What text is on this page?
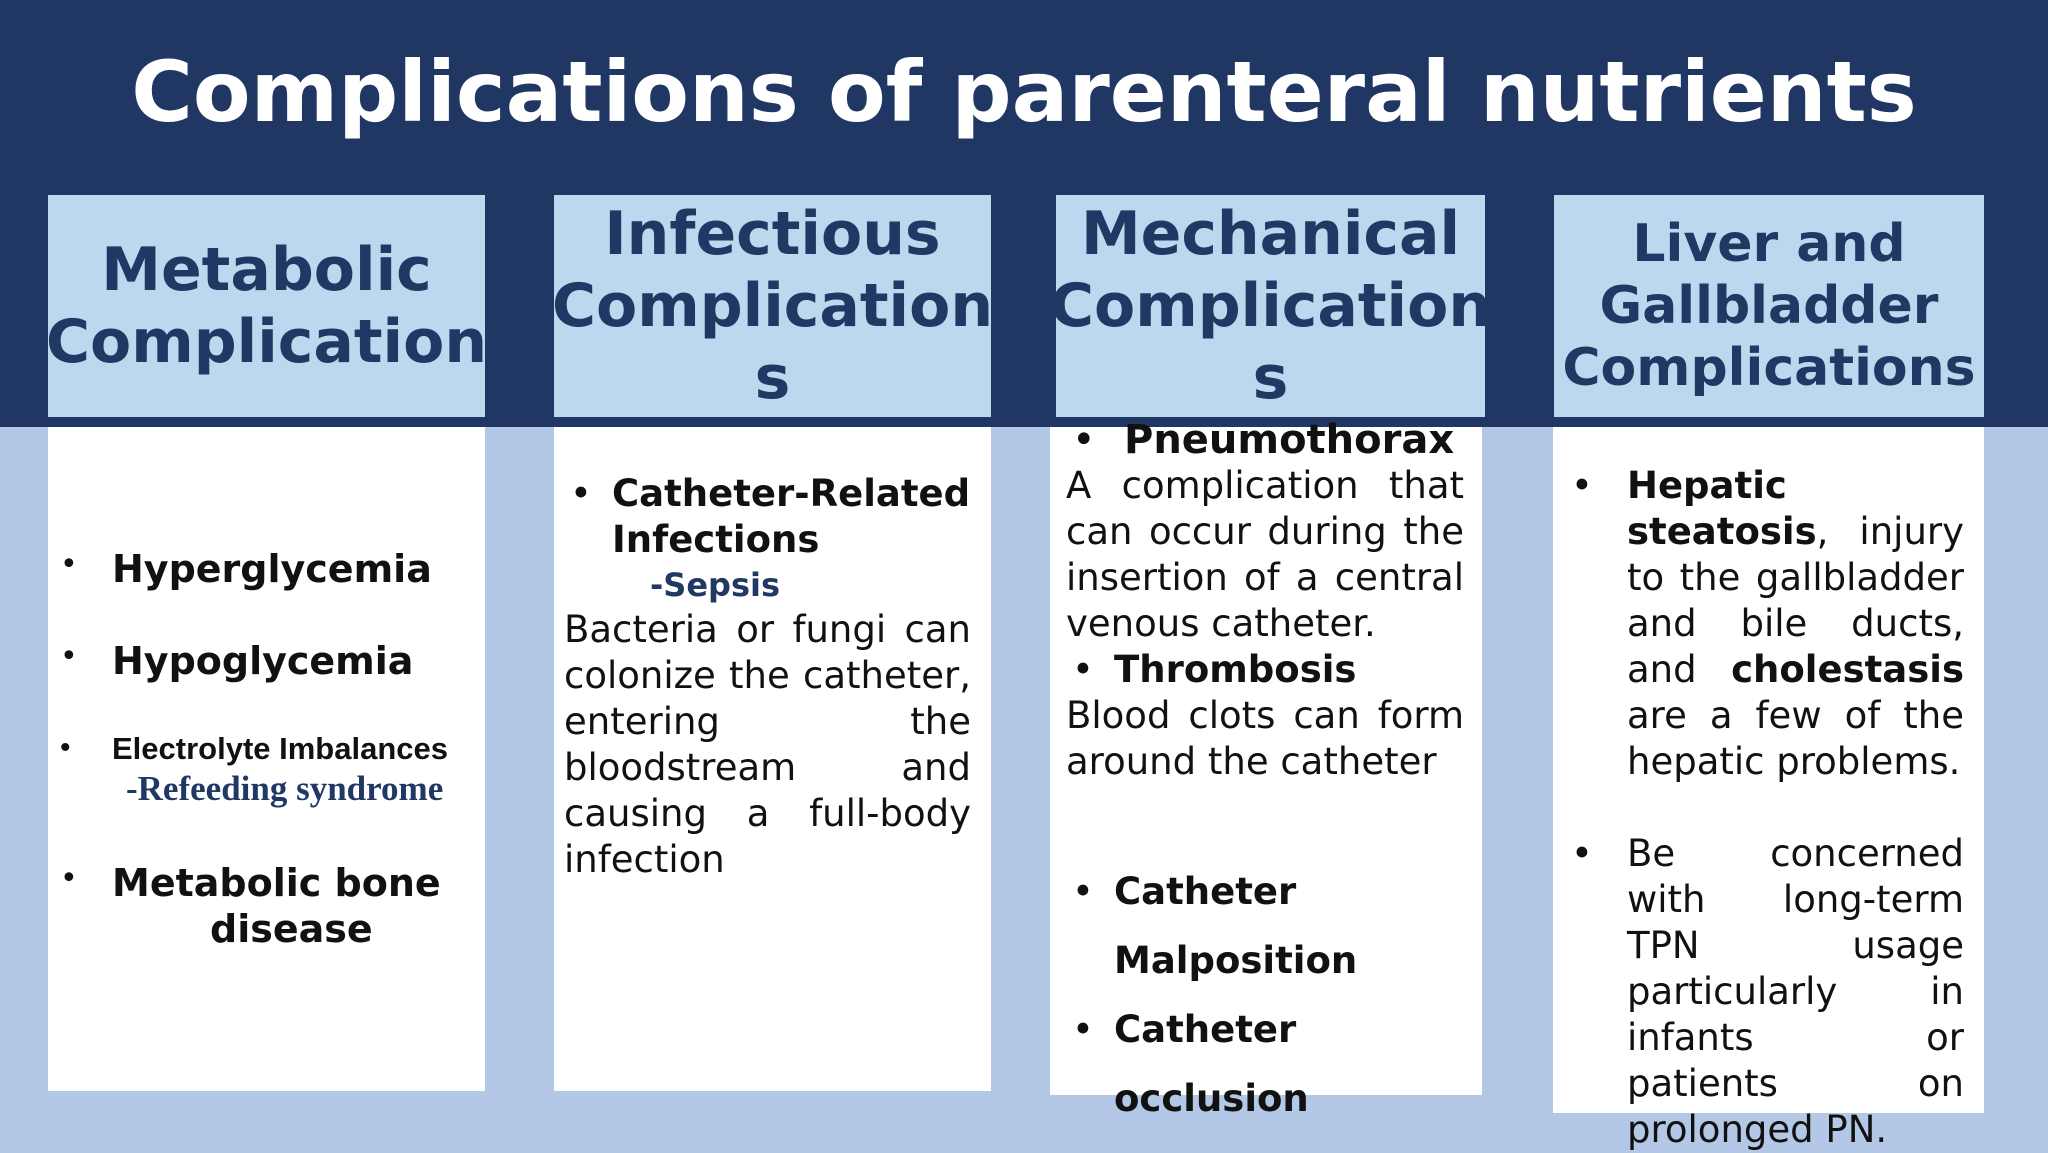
Complications of parenteral nutrients
Metabolic
Complication
• Hyperglycemia
• Hypoglycemia
• Electrolyte Imbalances
-Refeeding syndrome
• Metabolic bone
disease
Infectious
Complication
s
• Catheter-Related Infections
-Sepsis
Bacteria or fungi can colonize the catheter, entering the bloodstream and causing a full-body infection
Mechanical
Complication
s
• Pneumothorax
A complication that can occur during the insertion of a central venous catheter.
• Thrombosis
Blood clots can form around the catheter
• Catheter Malposition
• Catheter occlusion
Liver and
Gallbladder
Complications
• Hepatic steatosis, injury to the gallbladder and bile ducts, and cholestasis are a few of the hepatic problems.
• Be concerned with long-term TPN usage particularly in infants or patients on prolonged PN.
